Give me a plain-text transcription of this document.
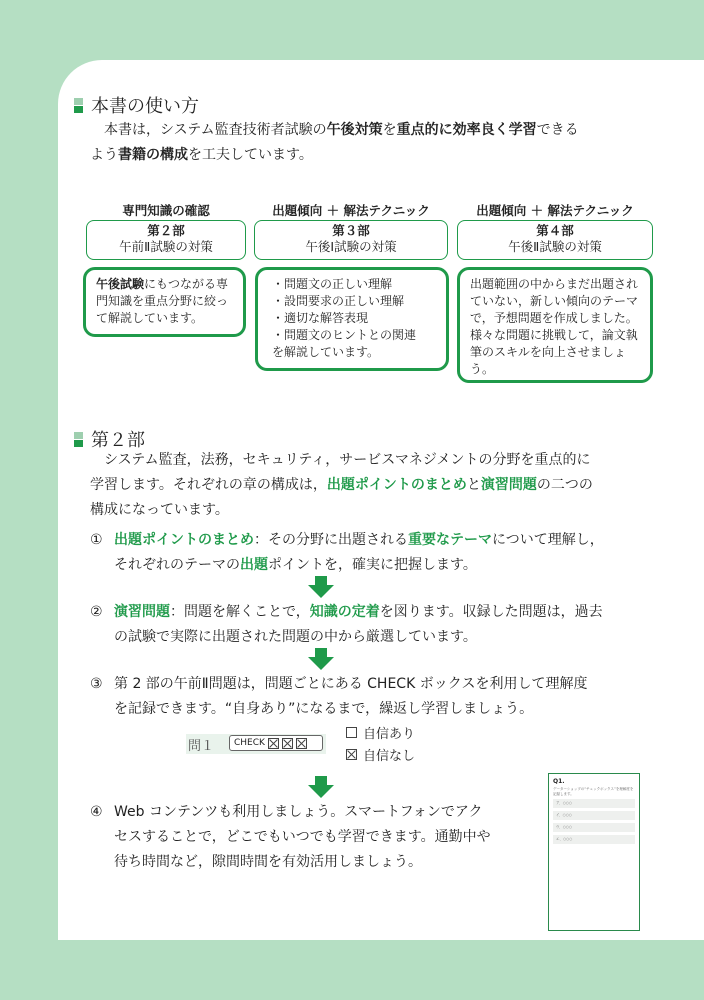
本書の使い方
本書は，システム監査技術者試験の午後対策を重点的に効率良く学習できる
よう書籍の構成を工夫しています。
専門知識の確認	出題傾向 ＋ 解法テクニック	出題傾向 ＋ 解法テクニック
第２部
午前Ⅱ試験の対策
第３部
午後Ⅰ試験の対策
第４部
午後Ⅱ試験の対策
午後試験にもつながる専門知識を重点分野に絞って解説しています。
・問題文の正しい理解
・設問要求の正しい理解
・適切な解答表現
・問題文のヒントとの関連
を解説しています。
出題範囲の中からまだ出題されていない，新しい傾向のテーマで，予想問題を作成しました。様々な問題に挑戦して，論文執筆のスキルを向上させましょう。
第２部
システム監査，法務，セキュリティ，サービスマネジメントの分野を重点的に
学習します。それぞれの章の構成は，出題ポイントのまとめと演習問題の二つの
構成になっています。
① 出題ポイントのまとめ：その分野に出題される重要なテーマについて理解し，
それぞれのテーマの出題ポイントを，確実に把握します。
② 演習問題：問題を解くことで，知識の定着を図ります。収録した問題は，過去
の試験で実際に出題された問題の中から厳選しています。
③ 第 2 部の午前Ⅱ問題は，問題ごとにある CHECK ボックスを利用して理解度
を記録できます。“自身あり”になるまで，繰返し学習しましょう。
問１ CHECK
自信あり
自信なし
④ Web コンテンツも利用しましょう。スマートフォンでアク
セスすることで，どこでもいつでも学習できます。通勤中や
待ち時間など，隙間時間を有効活用しましょう。
Q1.
データーショップの“チェックボックス”を理解度を記録します。
ア．○○○
イ．○○○
ウ．○○○
エ．○○○
